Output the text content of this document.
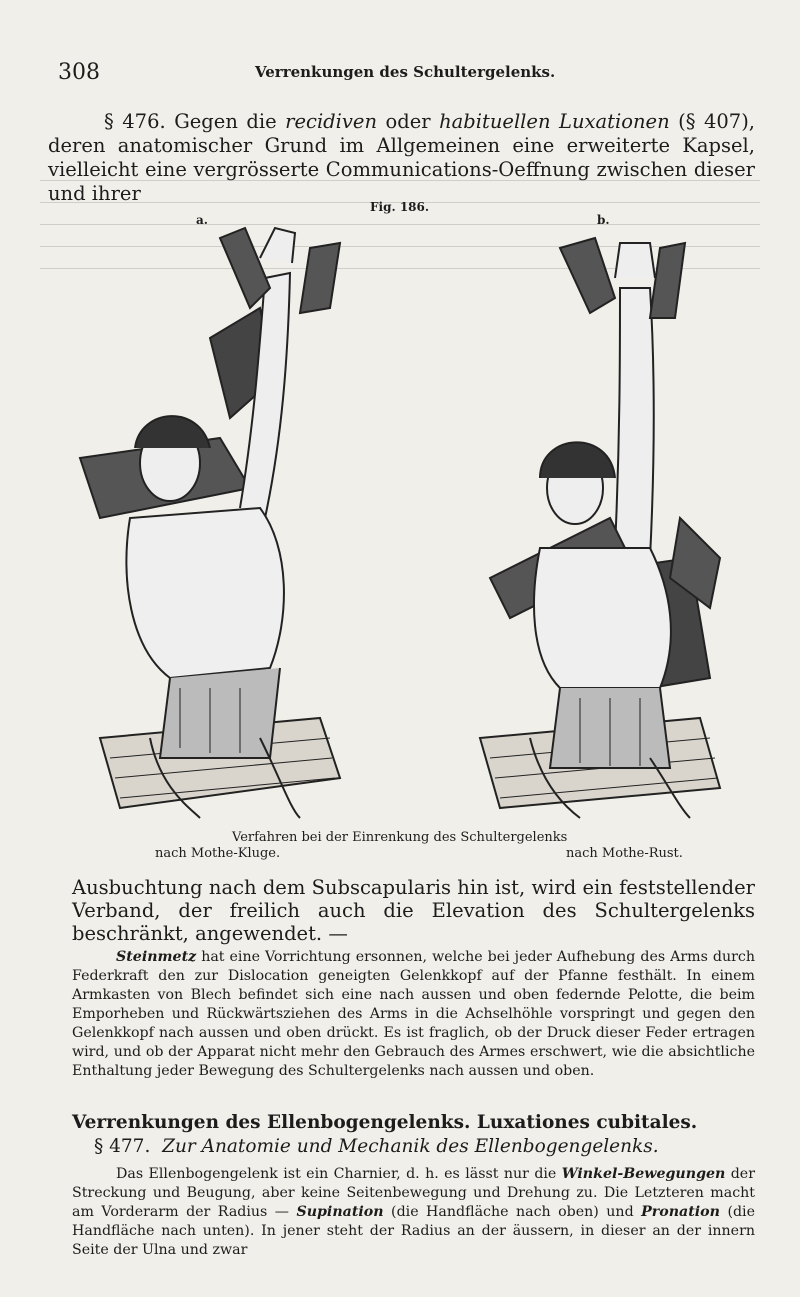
308	Verrenkungen des Schultergelenks.

§ 476. Gegen die recidiven oder habituellen Luxationen (§ 407), deren anatomischer Grund im Allgemeinen eine erweiterte Kapsel, vielleicht eine vergrösserte Communications-Oeffnung zwischen dieser und ihrer

Fig. 186.
a.	b.
Verfahren bei der Einrenkung des Schultergelenks
nach Mothe-Kluge.	nach Mothe-Rust.

Ausbuchtung nach dem Subscapularis hin ist, wird ein feststellender Verband, der freilich auch die Elevation des Schultergelenks beschränkt, angewendet. —

Steinmetz hat eine Vorrichtung ersonnen, welche bei jeder Aufhebung des Arms durch Federkraft den zur Dislocation geneigten Gelenkkopf auf der Pfanne festhält. In einem Armkasten von Blech befindet sich eine nach aussen und oben federnde Pelotte, die beim Emporheben und Rückwärtsziehen des Arms in die Achselhöhle vorspringt und gegen den Gelenkkopf nach aussen und oben drückt. Es ist fraglich, ob der Druck dieser Feder ertragen wird, und ob der Apparat nicht mehr den Gebrauch des Armes erschwert, wie die absichtliche Enthaltung jeder Bewegung des Schultergelenks nach aussen und oben.

Verrenkungen des Ellenbogengelenks. Luxationes cubitales.

§ 477. Zur Anatomie und Mechanik des Ellenbogengelenks.

Das Ellenbogengelenk ist ein Charnier, d. h. es lässt nur die Winkel-Bewegungen der Streckung und Beugung, aber keine Seitenbewegung und Drehung zu. Die Letzteren macht am Vorderarm der Radius — Supination (die Handfläche nach oben) und Pronation (die Handfläche nach unten). In jener steht der Radius an der äussern, in dieser an der innern Seite der Ulna und zwar
